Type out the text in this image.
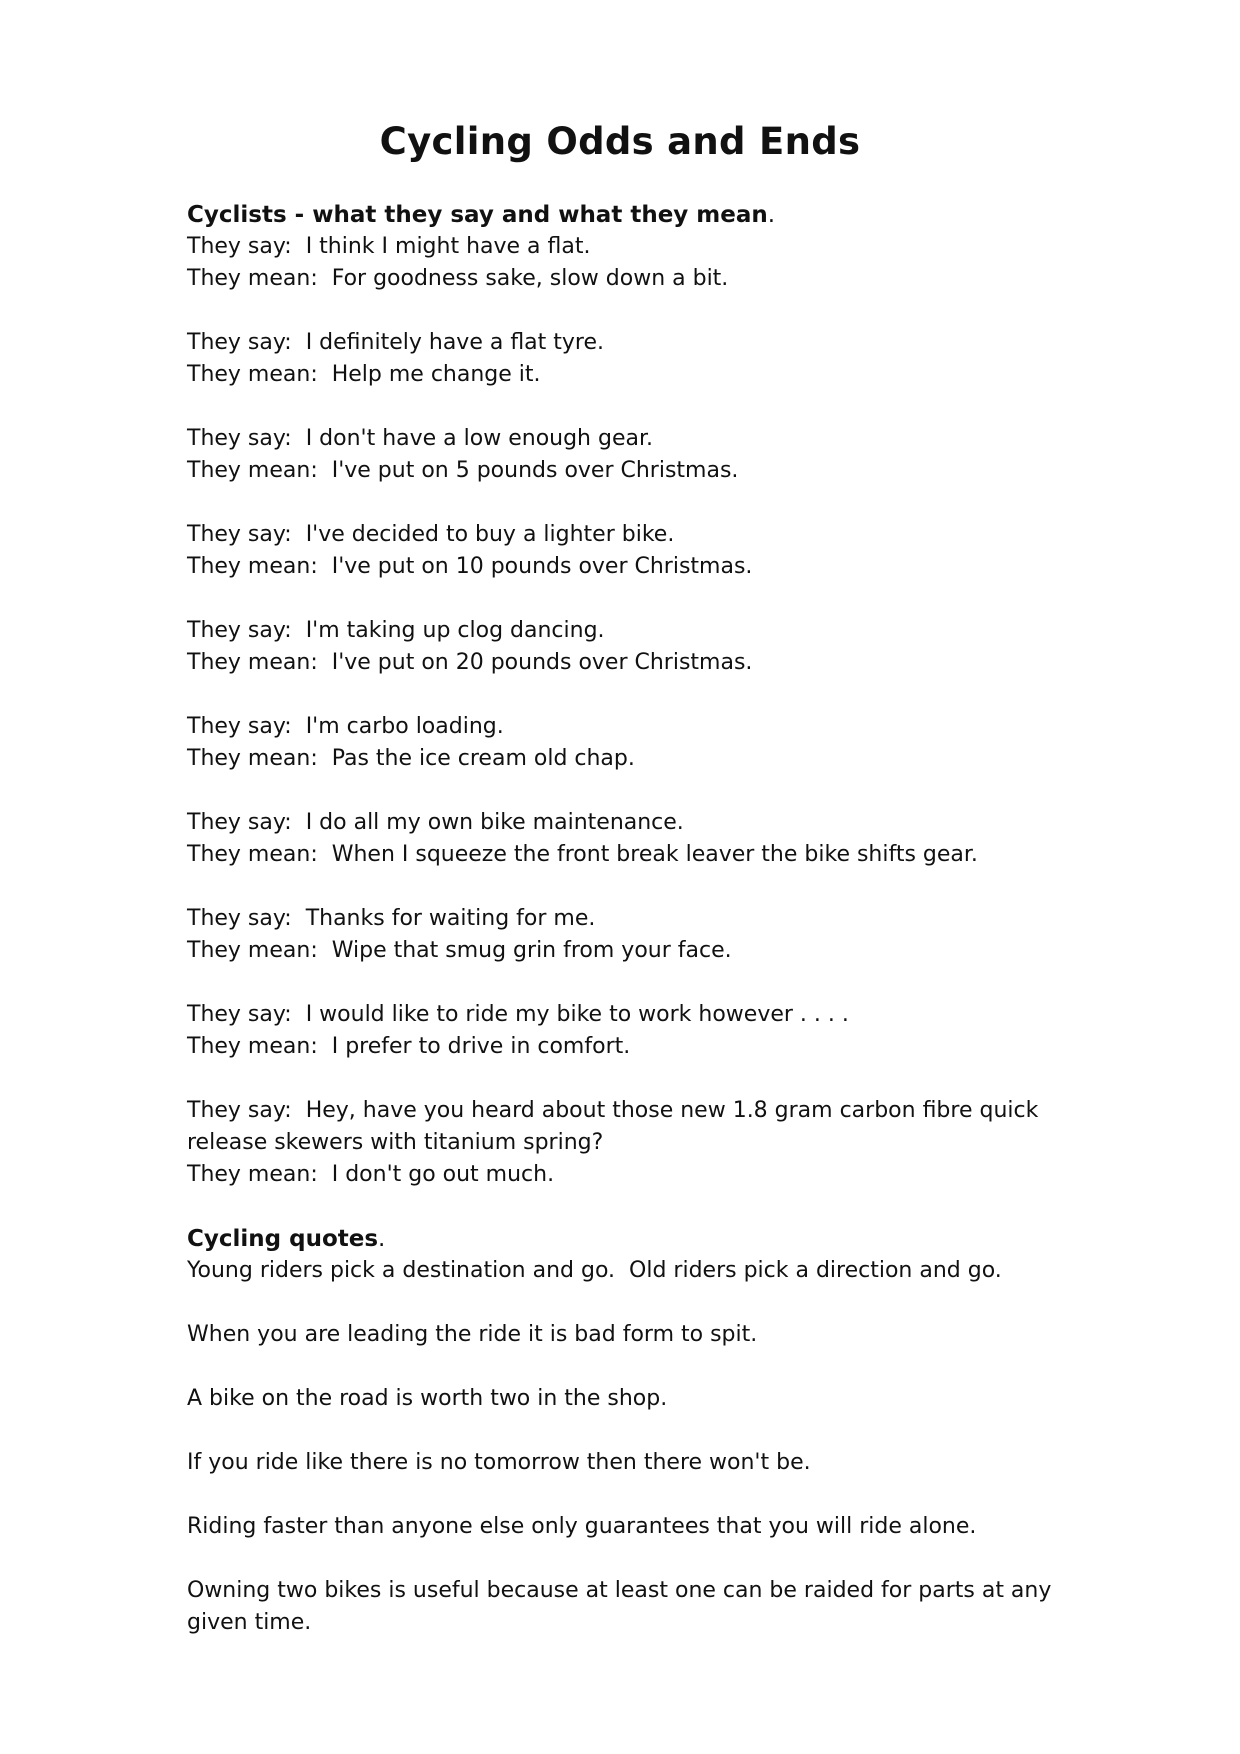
Cycling Odds and Ends

Cyclists - what they say and what they mean.

They say:  I think I might have a flat.

They mean:  For goodness sake, slow down a bit.

They say:  I definitely have a flat tyre.

They mean:  Help me change it.

They say:  I don't have a low enough gear.

They mean:  I've put on 5 pounds over Christmas.

They say:  I've decided to buy a lighter bike.

They mean:  I've put on 10 pounds over Christmas.

They say:  I'm taking up clog dancing.

They mean:  I've put on 20 pounds over Christmas.

They say:  I'm carbo loading.

They mean:  Pas the ice cream old chap.

They say:  I do all my own bike maintenance.

They mean:  When I squeeze the front break leaver the bike shifts gear.

They say:  Thanks for waiting for me.

They mean:  Wipe that smug grin from your face.

They say:  I would like to ride my bike to work however . . . .

They mean:  I prefer to drive in comfort.

They say:  Hey, have you heard about those new 1.8 gram carbon fibre quick release skewers with titanium spring?

They mean:  I don't go out much.

Cycling quotes.

Young riders pick a destination and go.  Old riders pick a direction and go.

When you are leading the ride it is bad form to spit.

A bike on the road is worth two in the shop.

If you ride like there is no tomorrow then there won't be.

Riding faster than anyone else only guarantees that you will ride alone.

Owning two bikes is useful because at least one can be raided for parts at any given time.
